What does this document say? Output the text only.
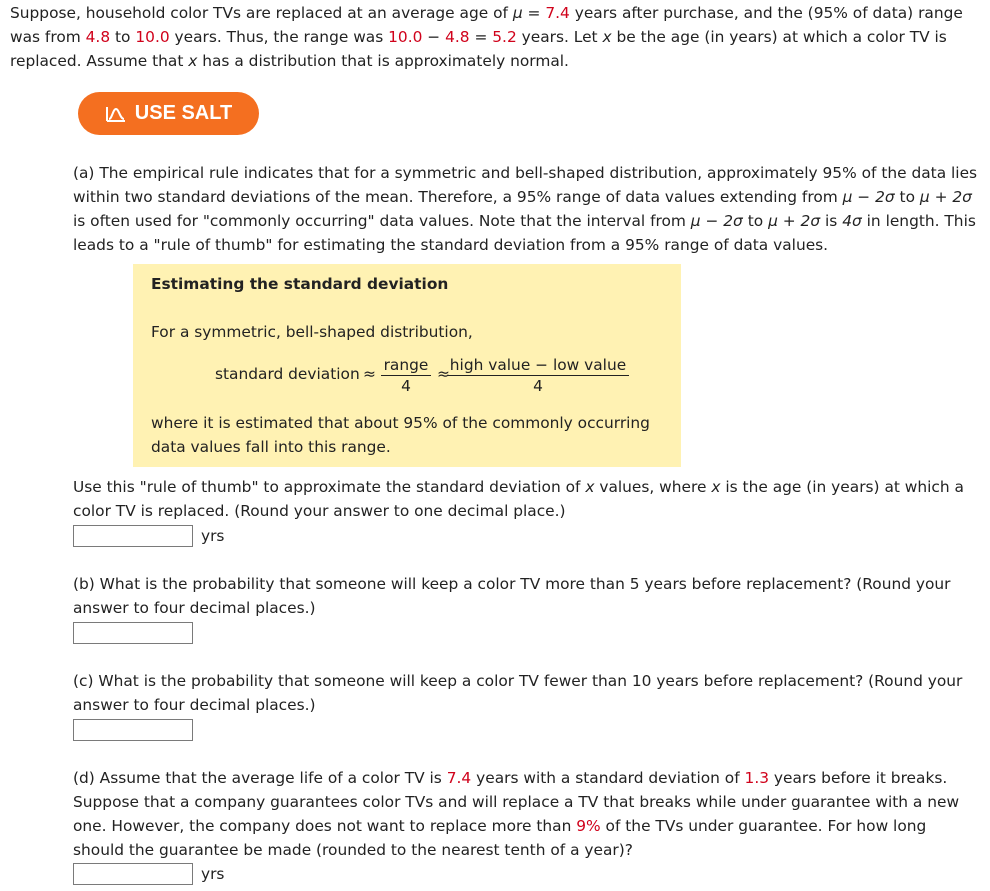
Suppose, household color TVs are replaced at an average age of μ = 7.4 years after purchase, and the (95% of data) range was from 4.8 to 10.0 years. Thus, the range was 10.0 − 4.8 = 5.2 years. Let x be the age (in years) at which a color TV is replaced. Assume that x has a distribution that is approximately normal.
USE SALT
(a) The empirical rule indicates that for a symmetric and bell-shaped distribution, approximately 95% of the data lies within two standard deviations of the mean. Therefore, a 95% range of data values extending from μ − 2σ to μ + 2σ is often used for "commonly occurring" data values. Note that the interval from μ − 2σ to μ + 2σ is 4σ in length. This leads to a "rule of thumb" for estimating the standard deviation from a 95% range of data values.
Estimating the standard deviation
For a symmetric, bell-shaped distribution,
standard deviation ≈ range
4
≈ high value − low value
4
where it is estimated that about 95% of the commonly occurring data values fall into this range.
Use this "rule of thumb" to approximate the standard deviation of x values, where x is the age (in years) at which a color TV is replaced. (Round your answer to one decimal place.)
yrs
(b) What is the probability that someone will keep a color TV more than 5 years before replacement? (Round your answer to four decimal places.)
(c) What is the probability that someone will keep a color TV fewer than 10 years before replacement? (Round your answer to four decimal places.)
(d) Assume that the average life of a color TV is 7.4 years with a standard deviation of 1.3 years before it breaks. Suppose that a company guarantees color TVs and will replace a TV that breaks while under guarantee with a new one. However, the company does not want to replace more than 9% of the TVs under guarantee. For how long should the guarantee be made (rounded to the nearest tenth of a year)?
yrs
